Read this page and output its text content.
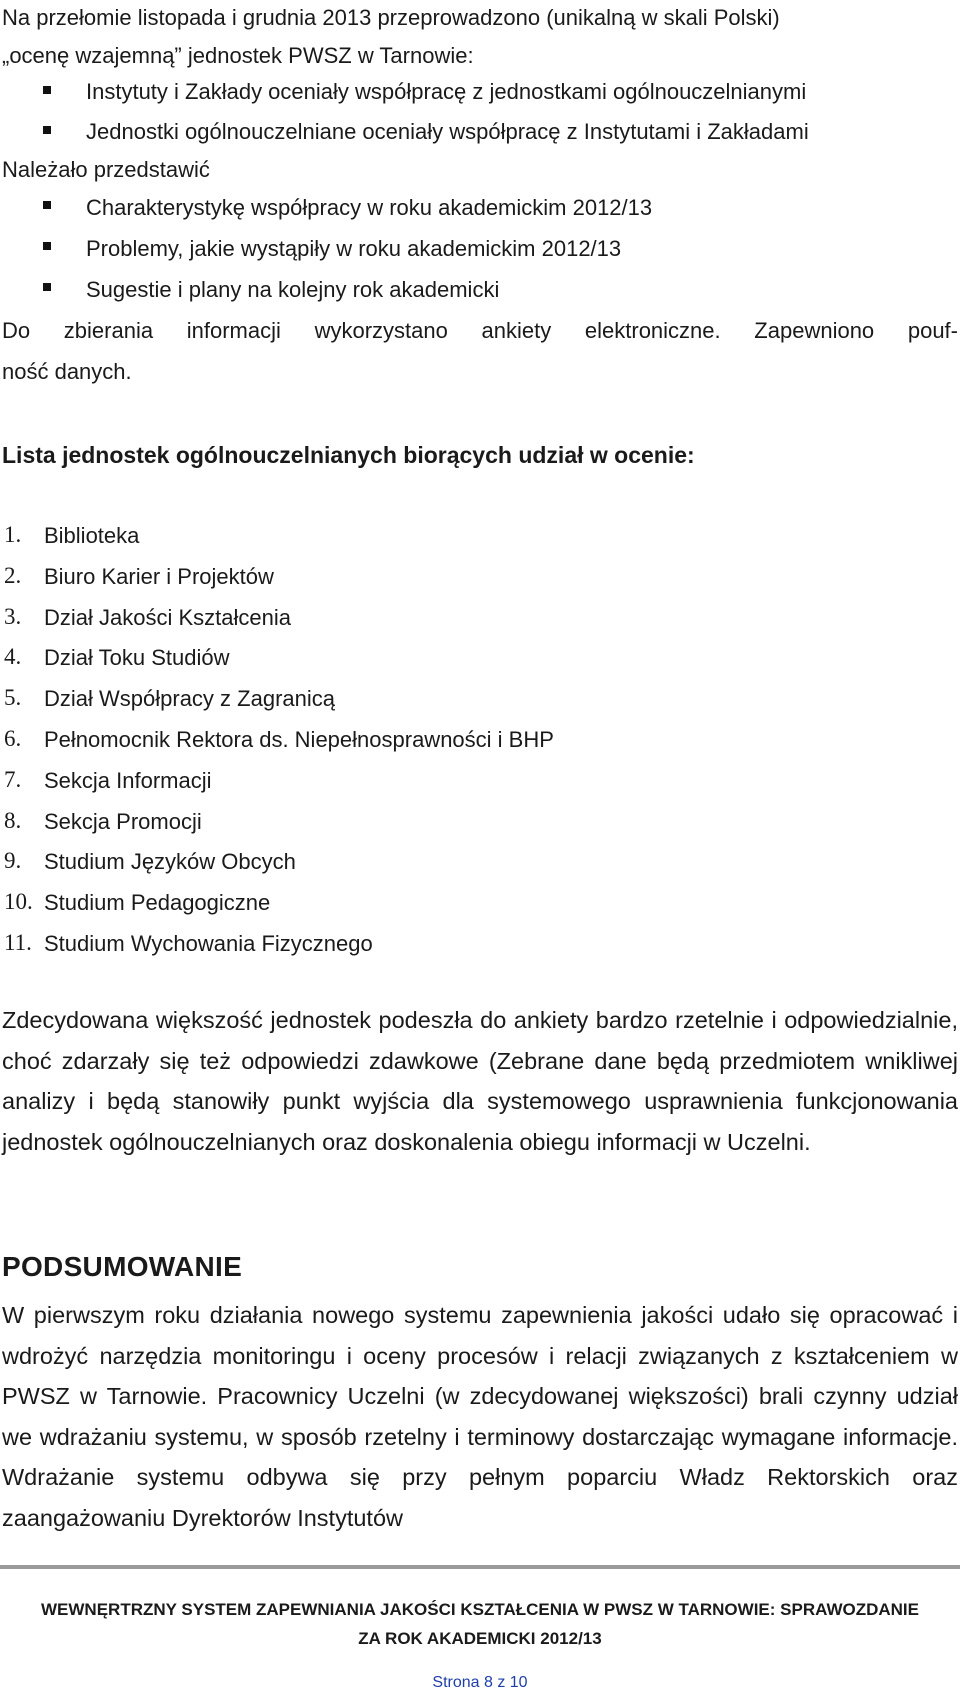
Na przełomie listopada i grudnia 2013 przeprowadzono (unikalną w skali Polski)
„ocenę wzajemną” jednostek PWSZ w Tarnowie:
Instytuty i Zakłady oceniały współpracę z jednostkami ogólnouczelnianymi
Jednostki ogólnouczelniane oceniały współpracę z Instytutami i Zakładami
Należało przedstawić
Charakterystykę współpracy w roku akademickim 2012/13
Problemy, jakie wystąpiły w roku akademickim 2012/13
Sugestie i plany na kolejny rok akademicki
Do zbierania informacji wykorzystano ankiety elektroniczne. Zapewniono pouf-
ność danych.
Lista jednostek ogólnouczelnianych biorących udział w ocenie:
1. Biblioteka
2. Biuro Karier i Projektów
3. Dział Jakości Kształcenia
4. Dział Toku Studiów
5. Dział Współpracy z Zagranicą
6. Pełnomocnik Rektora ds. Niepełnosprawności i BHP
7. Sekcja Informacji
8. Sekcja Promocji
9. Studium Języków Obcych
10. Studium Pedagogiczne
11. Studium Wychowania Fizycznego

Zdecydowana większość jednostek podeszła do ankiety bardzo rzetelnie i odpowiedzialnie, choć zdarzały się też odpowiedzi zdawkowe (Zebrane dane będą przedmiotem wnikliwej analizy i będą stanowiły punkt wyjścia dla systemowego usprawnienia funkcjonowania jednostek ogólnouczelnianych oraz doskonalenia obiegu informacji w Uczelni.

PODSUMOWANIE

W pierwszym roku działania nowego systemu zapewnienia jakości udało się opracować i wdrożyć narzędzia monitoringu i oceny procesów i relacji związanych z kształceniem w PWSZ w Tarnowie. Pracownicy Uczelni (w zdecydowanej większości) brali czynny udział we wdrażaniu systemu, w sposób rzetelny i terminowy dostarczając wymagane informacje. Wdrażanie systemu odbywa się przy pełnym poparciu Władz Rektorskich oraz zaangażowaniu Dyrektorów Instytutów

WEWNĘRTRZNY SYSTEM ZAPEWNIANIA JAKOŚCI KSZTAŁCENIA W PWSZ W TARNOWIE: SPRAWOZDANIE
ZA ROK AKADEMICKI 2012/13
Strona 8 z 10
